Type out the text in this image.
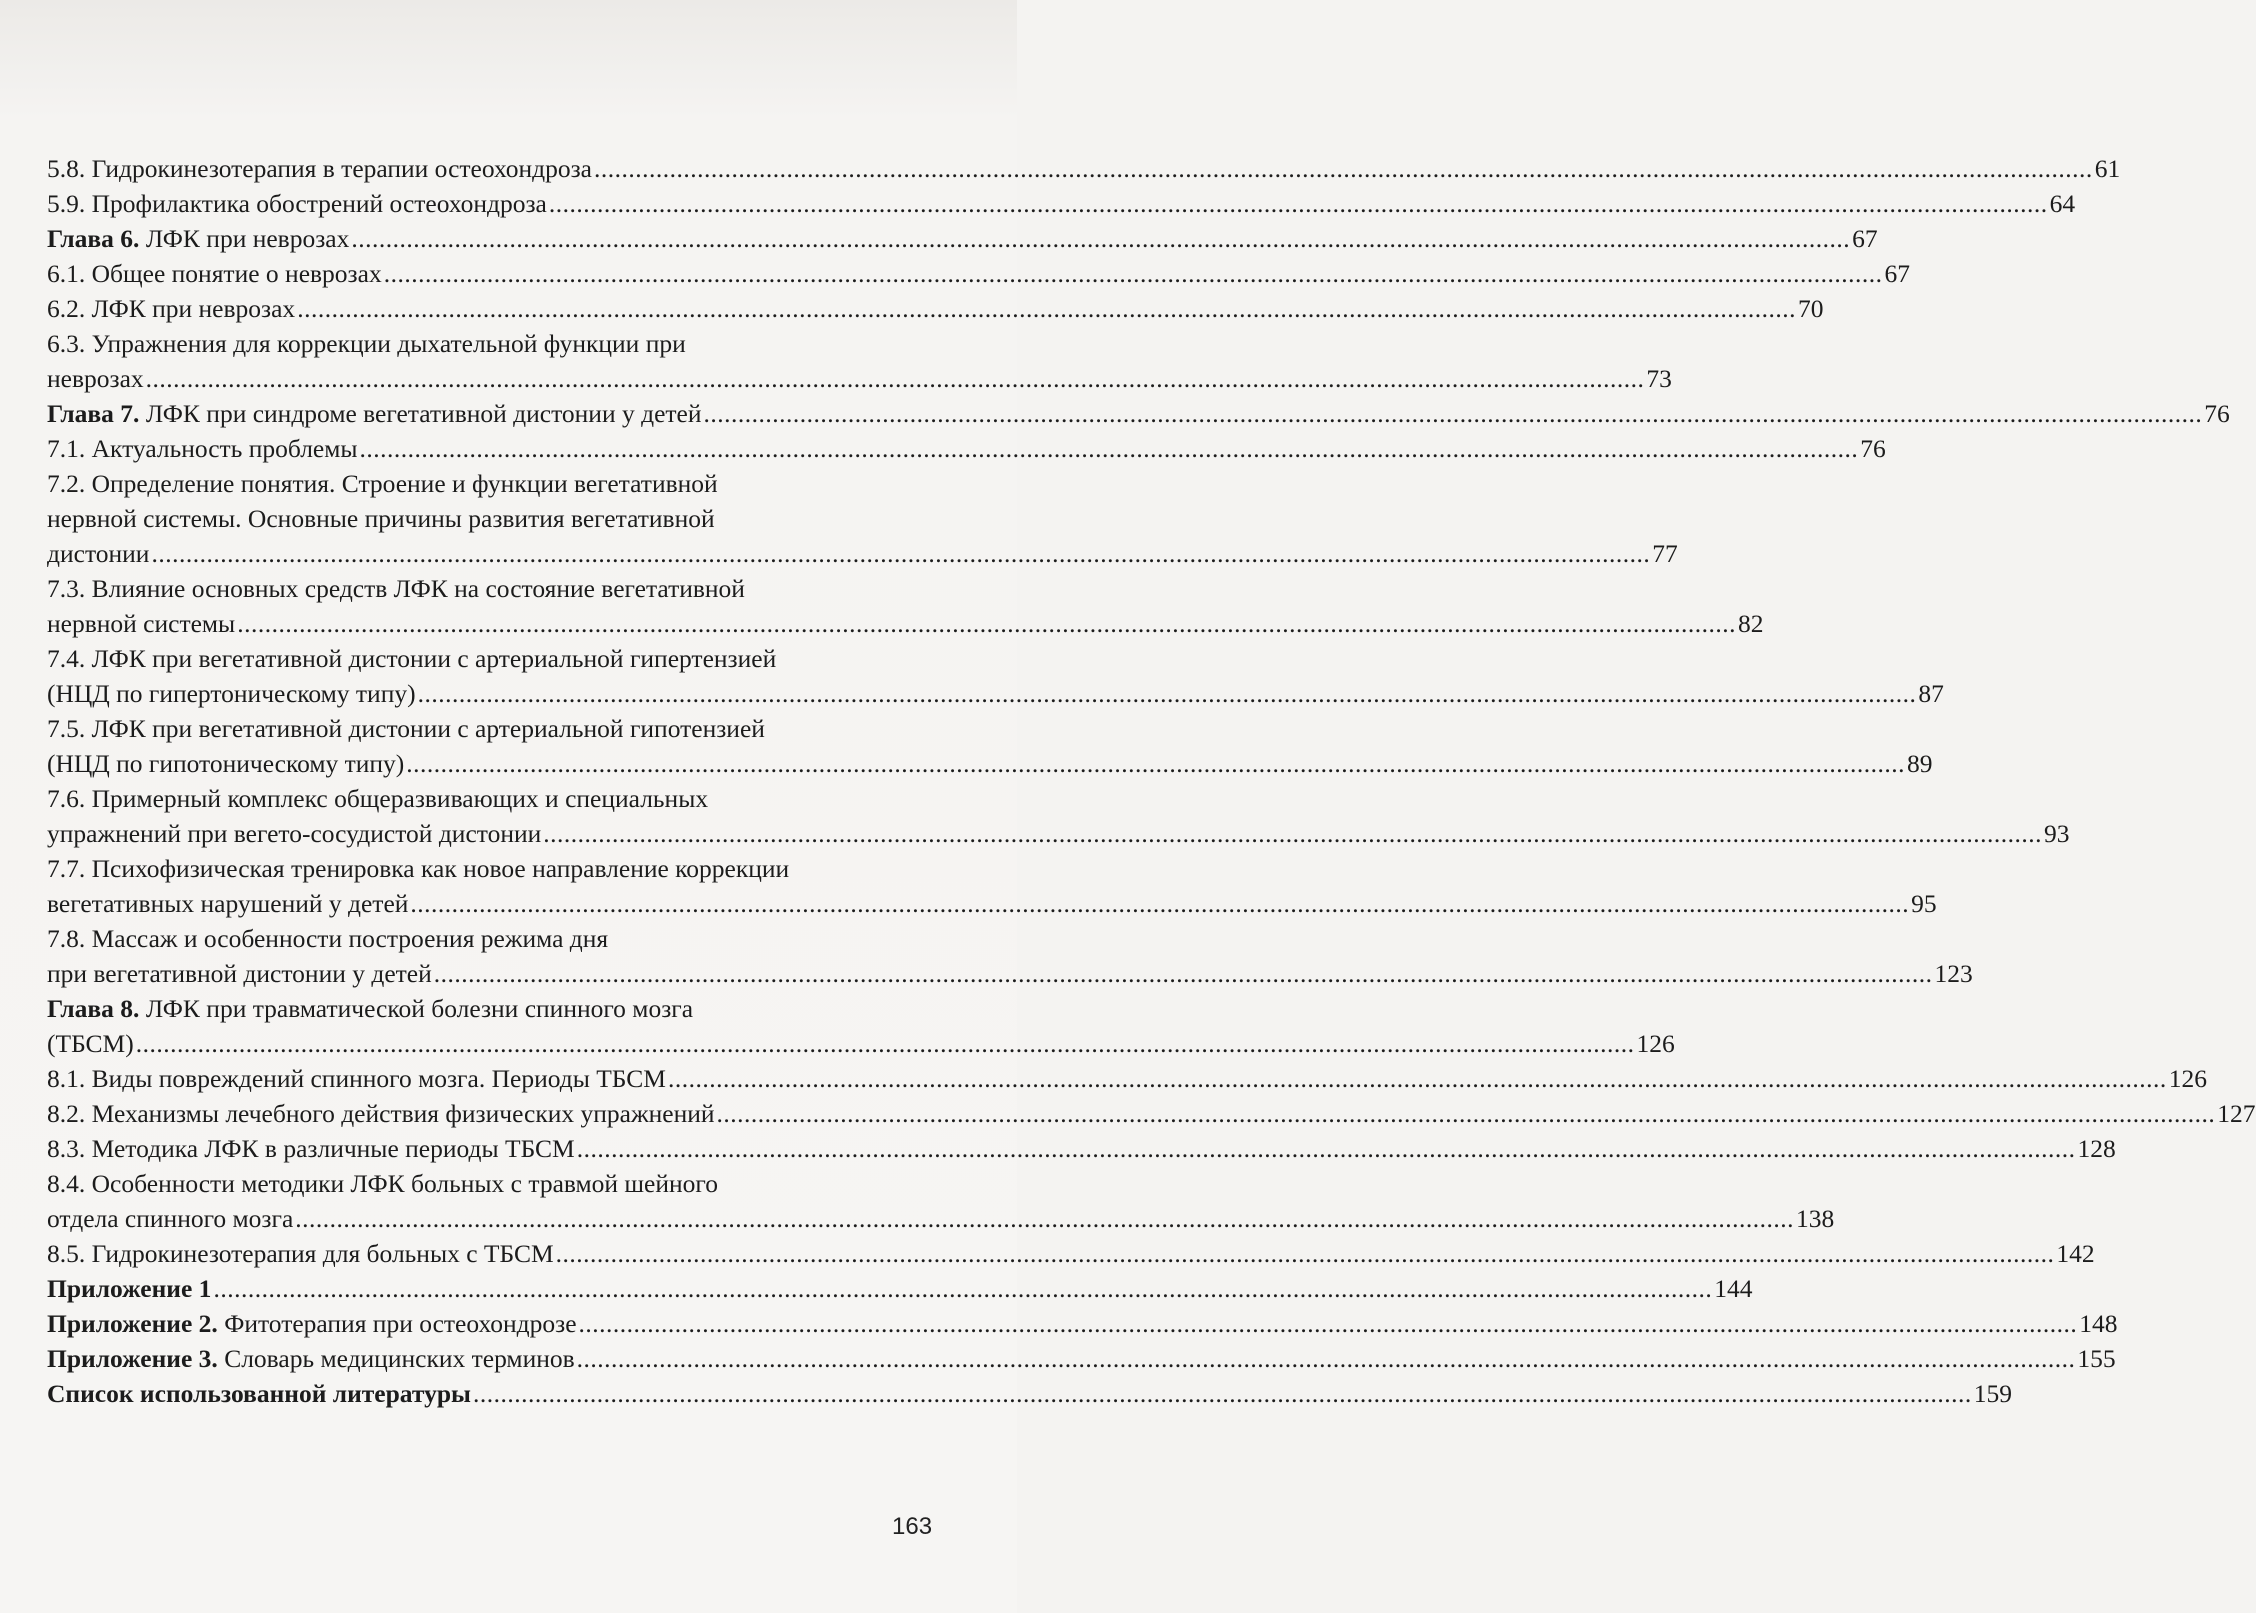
5.8. Гидрокинезотерапия в терапии остеохондроза .....	61
5.9. Профилактика обострений остеохондроза .....	64
Глава 6. ЛФК при неврозах .....	67
6.1. Общее понятие о неврозах .....	67
6.2. ЛФК при неврозах .....	70
6.3. Упражнения для коррекции дыхательной функции при
неврозах .....	73
Глава 7. ЛФК при синдроме вегетативной дистонии у детей .....	76
7.1. Актуальность проблемы .....	76
7.2. Определение понятия. Строение и функции вегетативной
нервной системы. Основные причины развития вегетативной
дистонии .....	77
7.3. Влияние основных средств ЛФК на состояние вегетативной
нервной системы .....	82
7.4. ЛФК при вегетативной дистонии с артериальной гипертензией
(НЦД по гипертоническому типу) .....	87
7.5. ЛФК при вегетативной дистонии с артериальной гипотензией
(НЦД по гипотоническому типу) .....	89
7.6. Примерный комплекс общеразвивающих и специальных
упражнений при вегето-сосудистой дистонии .....	93
7.7. Психофизическая тренировка как новое направление коррекции
вегетативных нарушений у детей .....	95
7.8. Массаж и особенности построения режима дня
при вегетативной дистонии у детей .....	123
Глава 8. ЛФК при травматической болезни спинного мозга
(ТБСМ) .....	126
8.1. Виды повреждений спинного мозга. Периоды ТБСМ .....	126
8.2. Механизмы лечебного действия физических упражнений .....	127
8.3. Методика ЛФК в различные периоды ТБСМ .....	128
8.4. Особенности методики ЛФК больных с травмой шейного
отдела спинного мозга .....	138
8.5. Гидрокинезотерапия для больных с ТБСМ .....	142
Приложение 1 .....	144
Приложение 2. Фитотерапия при остеохондрозе .....	148
Приложение 3. Словарь медицинских терминов .....	155
Список использованной литературы .....	159
163
